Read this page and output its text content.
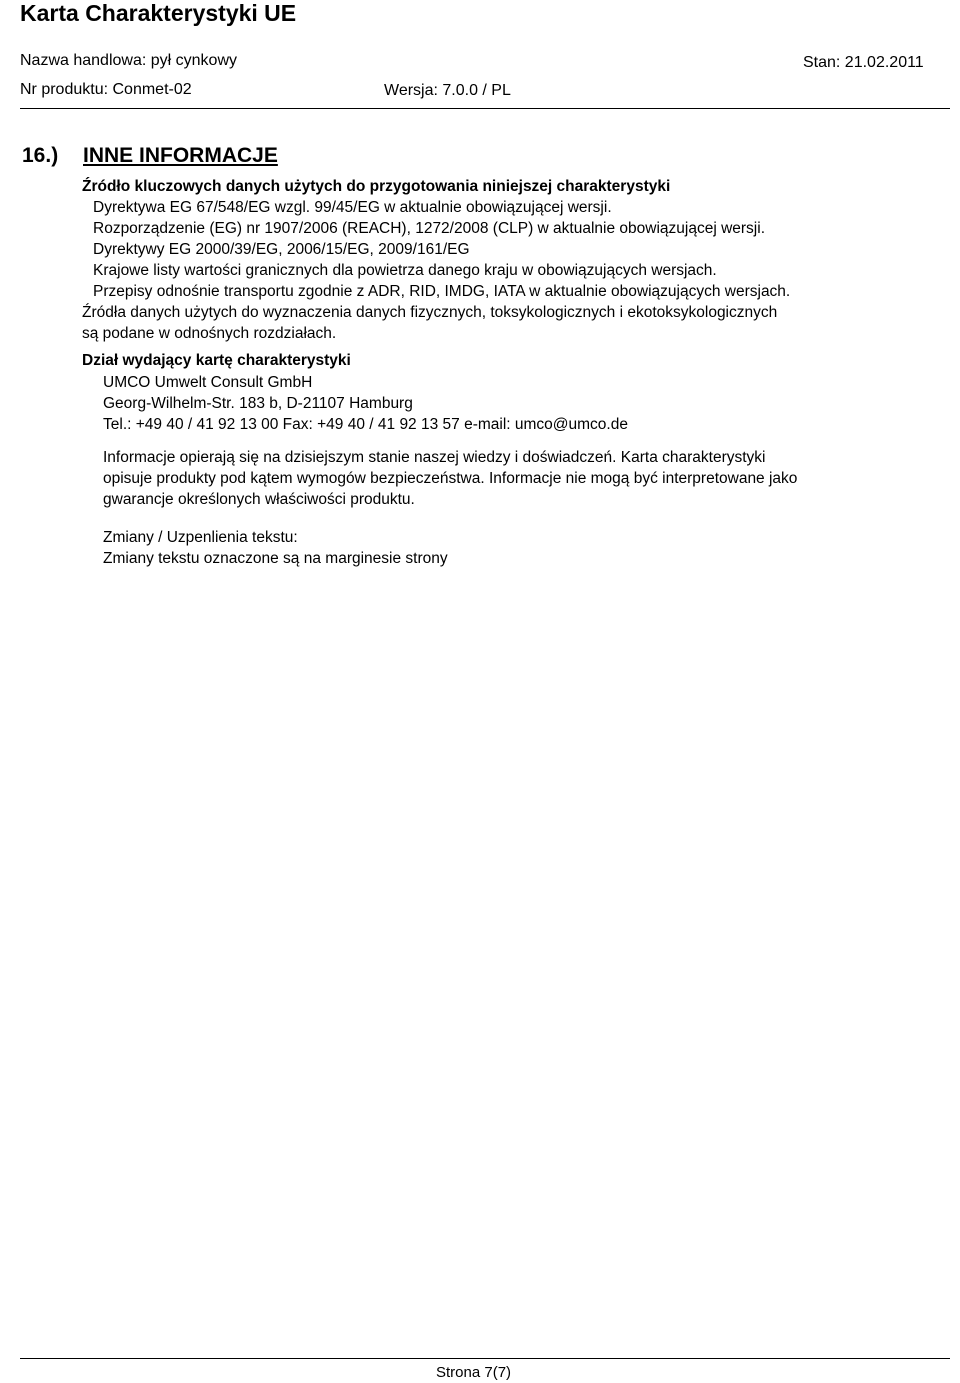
Karta Charakterystyki UE
Nazwa handlowa: pył cynkowy	Stan: 21.02.2011
Nr produktu: Conmet-02	Wersja: 7.0.0 / PL
16.) INNE INFORMACJE
Źródło kluczowych danych użytych do przygotowania niniejszej charakterystyki
Dyrektywa EG 67/548/EG wzgl. 99/45/EG w aktualnie obowiązującej wersji.
Rozporządzenie (EG) nr 1907/2006 (REACH), 1272/2008 (CLP) w aktualnie obowiązującej wersji.
Dyrektywy EG 2000/39/EG, 2006/15/EG, 2009/161/EG
Krajowe listy wartości granicznych dla powietrza danego kraju w obowiązujących wersjach.
Przepisy odnośnie transportu zgodnie z ADR, RID, IMDG, IATA w aktualnie obowiązujących wersjach.
Źródła danych użytych do wyznaczenia danych fizycznych, toksykologicznych i ekotoksykologicznych
są podane w odnośnych rozdziałach.
Dział wydający kartę charakterystyki
UMCO Umwelt Consult GmbH
Georg-Wilhelm-Str. 183 b, D-21107 Hamburg
Tel.: +49 40 / 41 92 13 00 Fax: +49 40 / 41 92 13 57 e-mail: umco@umco.de
Informacje opierają się na dzisiejszym stanie naszej wiedzy i doświadczeń. Karta charakterystyki
opisuje produkty pod kątem wymogów bezpieczeństwa. Informacje nie mogą być interpretowane jako
gwarancje określonych właściwości produktu.
Zmiany / Uzpenlienia tekstu:
Zmiany tekstu oznaczone są na marginesie strony
Strona 7(7)
